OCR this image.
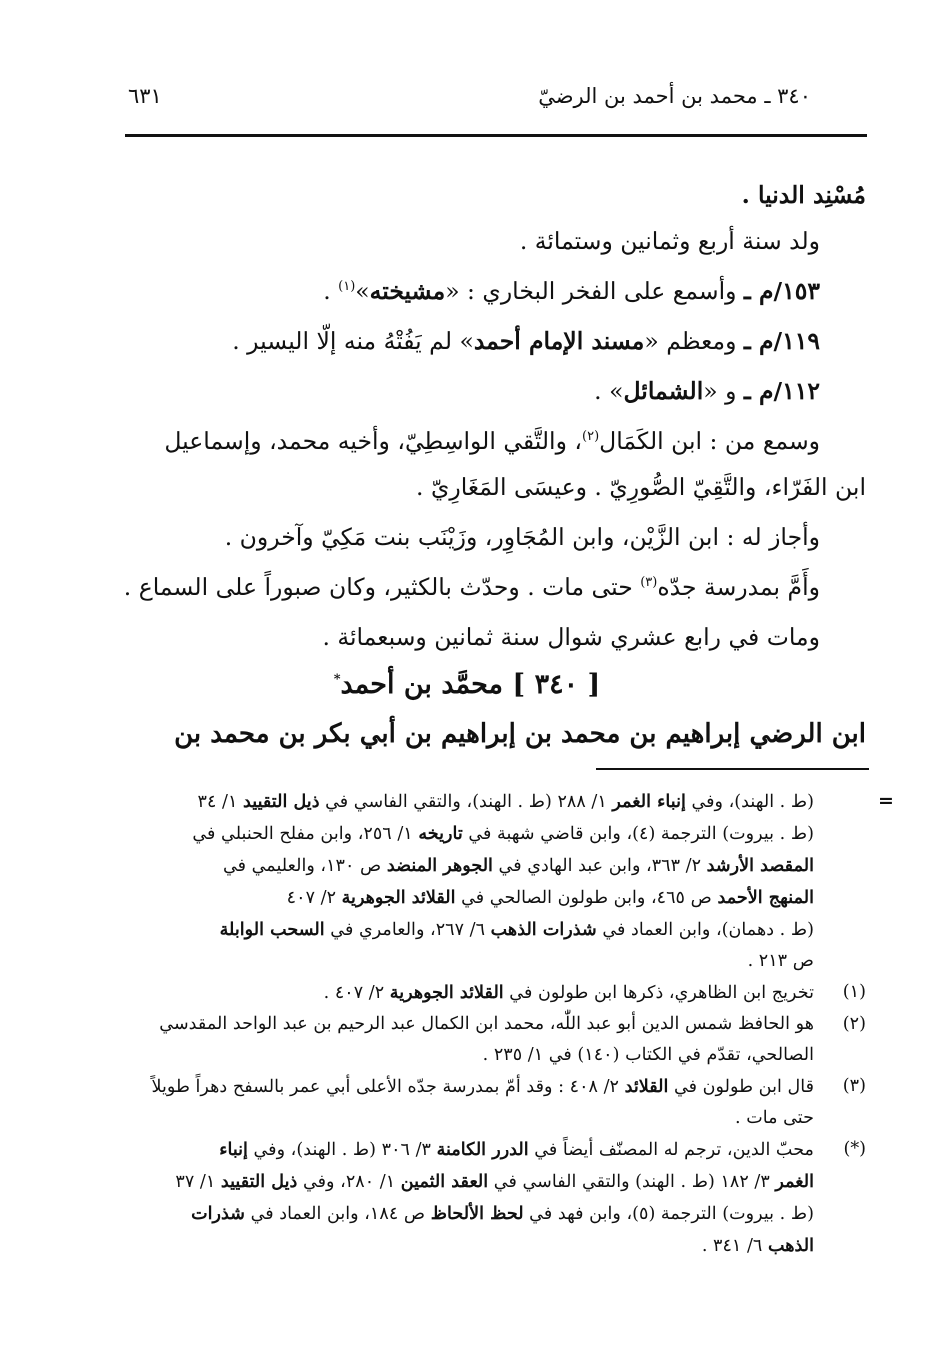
٣٤٠ ـ محمد بن أحمد بن الرضيّ
٦٣١

مُسْنِد الدنيا .

ولد سنة أربع وثمانين وستمائة .

١٥٣/م ـ وأسمع على الفخر البخاري : «مشيخته»$^{(١)}$ .

١١٩/م ـ ومعظم «مسند الإمام أحمد» لم يَفُتْهُ منه إلّا اليسير .

١١٢/م ـ و «الشمائل» .

وسمع من : ابن الكَمَال$^{(٢)}$، والتَّقي الواسِطِيّ، وأخيه محمد، وإسماعيل

ابن الفَرّاء، والتَّقِيّ الصُّورِيّ . وعيسَى المَغَارِيّ .

وأجاز له : ابن الزَّيْن، وابن المُجَاوِر، وزَيْنَب بنت مَكِيّ وآخرون .

وأَمَّ بمدرسة جدّه$^{(٣)}$ حتى مات . وحدّث بالكثير، وكان صبوراً على السماع .

ومات في رابع عشري شوال سنة ثمانين وسبعمائة .

[ ٣٤٠ ] محمَّد بن أحمد*

ابن الرضي إبراهيم بن محمد بن إبراهيم بن أبي بكر بن محمد بن

=

(ط . الهند)، وفي إنباء الغمر ١/ ٢٨٨ (ط . الهند)، والتقي الفاسي في ذيل التقييد ١/ ٣٤

(ط . بيروت) الترجمة (٤)، وابن قاضي شهبة في تاريخه ١/ ٢٥٦، وابن مفلح الحنبلي في

المقصد الأرشد ٢/ ٣٦٣، وابن عبد الهادي في الجوهر المنضد ص ١٣٠، والعليمي في

المنهج الأحمد ص ٤٦٥، وابن طولون الصالحي في القلائد الجوهرية ٢/ ٤٠٧

(ط . دهمان)، وابن العماد في شذرات الذهب ٦/ ٢٦٧، والعامري في السحب الوابلة

ص ٢١٣ .

(١)

تخريج ابن الظاهري، ذكرها ابن طولون في القلائد الجوهرية ٢/ ٤٠٧ .

(٢)

هو الحافظ شمس الدين أبو عبد اللّٰه، محمد ابن الكمال عبد الرحيم بن عبد الواحد المقدسي

الصالحي، تقدّم في الكتاب (١٤٠) في ١/ ٢٣٥ .

(٣)

قال ابن طولون في القلائد ٢/ ٤٠٨ : وقد أمّ بمدرسة جدّه الأعلى أبي عمر بالسفح دهراً طويلاً

حتى مات .

(*)

محبّ الدين، ترجم له المصنّف أيضاً في الدرر الكامنة ٣/ ٣٠٦ (ط . الهند)، وفي إنباء

الغمر ٣/ ١٨٢ (ط . الهند) والتقي الفاسي في العقد الثمين ١/ ٢٨٠، وفي ذيل التقييد ١/ ٣٧

(ط . بيروت) الترجمة (٥)، وابن فهد في لحظ الألحاظ ص ١٨٤، وابن العماد في شذرات

الذهب ٦/ ٣٤١ .
